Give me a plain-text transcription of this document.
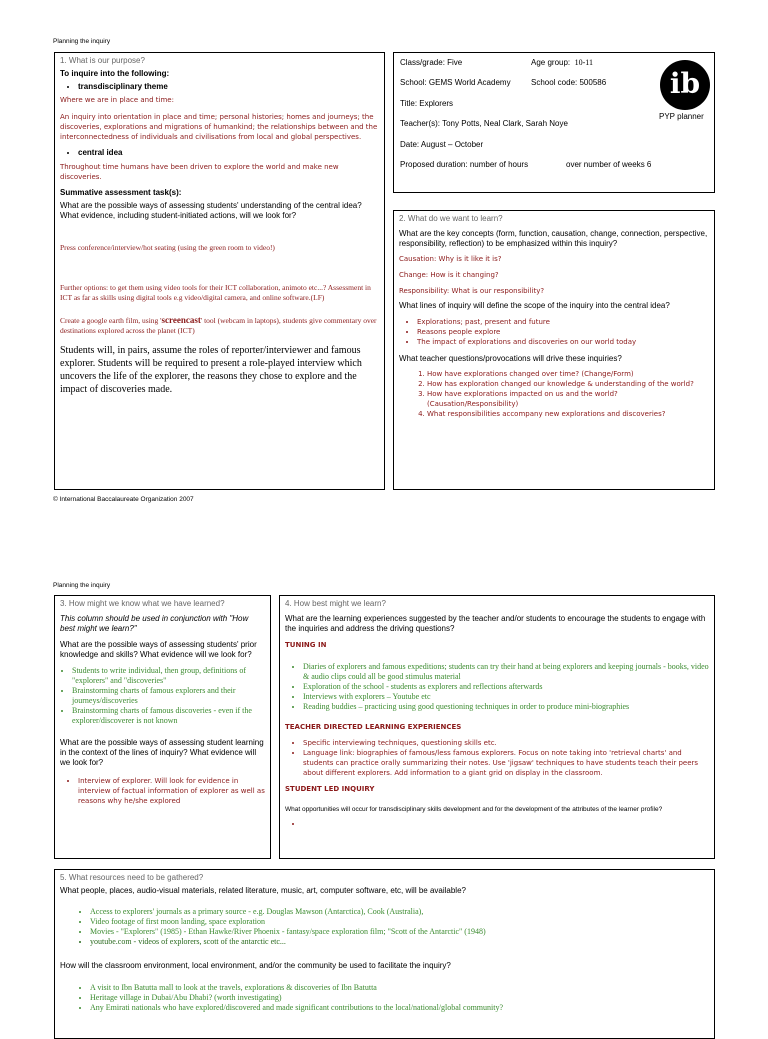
Planning the inquiry
1. What is our purpose?
To inquire into the following:
• transdisciplinary theme
Where we are in place and time:
An inquiry into orientation in place and time; personal histories; homes and journeys; the discoveries, explorations and migrations of humankind; the relationships between and the interconnectedness of individuals and civilisations from local and global perspectives.
• central idea
Throughout time humans have been driven to explore the world and make new discoveries.
Summative assessment task(s):
What are the possible ways of assessing students' understanding of the central idea? What evidence, including student-initiated actions, will we look for?
Press conference/interview/hot seating (using the green room to video!)
Further options: to get them using video tools for their ICT collaboration, animoto etc...? Assessment in ICT as far as skills using digital tools e.g video/digital camera, and online software.(LF)
Create a google earth film, using 'screencast' tool (webcam in laptops), students give commentary over destinations explored across the planet (ICT)
Students will, in pairs, assume the roles of reporter/interviewer and famous explorer. Students will be required to present a role-played interview which uncovers the life of the explorer, the reasons they chose to explore and the impact of discoveries made.
Class/grade: Five	Age group: 10-11
School: GEMS World Academy	School code: 500586
Title: Explorers
Teacher(s): Tony Potts, Neal Clark, Sarah Noye
Date: August – October
Proposed duration: number of hours	over number of weeks 6
PYP planner
ib
2. What do we want to learn?
What are the key concepts (form, function, causation, change, connection, perspective, responsibility, reflection) to be emphasized within this inquiry?
Causation: Why is it like it is?
Change: How is it changing?
Responsibility: What is our responsibility?
What lines of inquiry will define the scope of the inquiry into the central idea?
• Explorations; past, present and future
• Reasons people explore
• The impact of explorations and discoveries on our world today
What teacher questions/provocations will drive these inquiries?
1. How have explorations changed over time? (Change/Form)
2. How has exploration changed our knowledge & understanding of the world?
3. How have explorations impacted on us and the world? (Causation/Responsibility)
4. What responsibilities accompany new explorations and discoveries?
© International Baccalaureate Organization 2007
Planning the inquiry
3. How might we know what we have learned?
This column should be used in conjunction with "How best might we learn?"
What are the possible ways of assessing students' prior knowledge and skills? What evidence will we look for?
• Students to write individual, then group, definitions of "explorers" and "discoveries"
• Brainstorming charts of famous explorers and their journeys/discoveries
• Brainstorming charts of famous discoveries - even if the explorer/discoverer is not known
What are the possible ways of assessing student learning in the context of the lines of inquiry? What evidence will we look for?
• Interview of explorer. Will look for evidence in interview of factual information of explorer as well as reasons why he/she explored
4. How best might we learn?
What are the learning experiences suggested by the teacher and/or students to encourage the students to engage with the inquiries and address the driving questions?
TUNING IN
• Diaries of explorers and famous expeditions; students can try their hand at being explorers and keeping journals - books, video & audio clips could all be good stimulus material
• Exploration of the school - students as explorers and reflections afterwards
• Interviews with explorers – Youtube etc
• Reading buddies – practicing using good questioning techniques in order to produce mini-biographies
TEACHER DIRECTED LEARNING EXPERIENCES
• Specific interviewing techniques, questioning skills etc.
• Language link: biographies of famous/less famous explorers. Focus on note taking into 'retrieval charts' and students can practice orally summarizing their notes. Use 'jigsaw' techniques to have students teach their peers about different explorers. Add information to a giant grid on display in the classroom.
STUDENT LED INQUIRY
What opportunities will occur for transdisciplinary skills development and for the development of the attributes of the learner profile?
•
5. What resources need to be gathered?
What people, places, audio-visual materials, related literature, music, art, computer software, etc, will be available?
• Access to explorers' journals as a primary source - e.g. Douglas Mawson (Antarctica), Cook (Australia),
• Video footage of first moon landing, space exploration
• Movies - "Explorers" (1985) - Ethan Hawke/River Phoenix - fantasy/space exploration film; "Scott of the Antarctic" (1948)
• youtube.com - videos of explorers, scott of the antarctic etc...
How will the classroom environment, local environment, and/or the community be used to facilitate the inquiry?
• A visit to Ibn Batutta mall to look at the travels, explorations & discoveries of Ibn Batutta
• Heritage village in Dubai/Abu Dhabi? (worth investigating)
• Any Emirati nationals who have explored/discovered and made significant contributions to the local/national/global community?
